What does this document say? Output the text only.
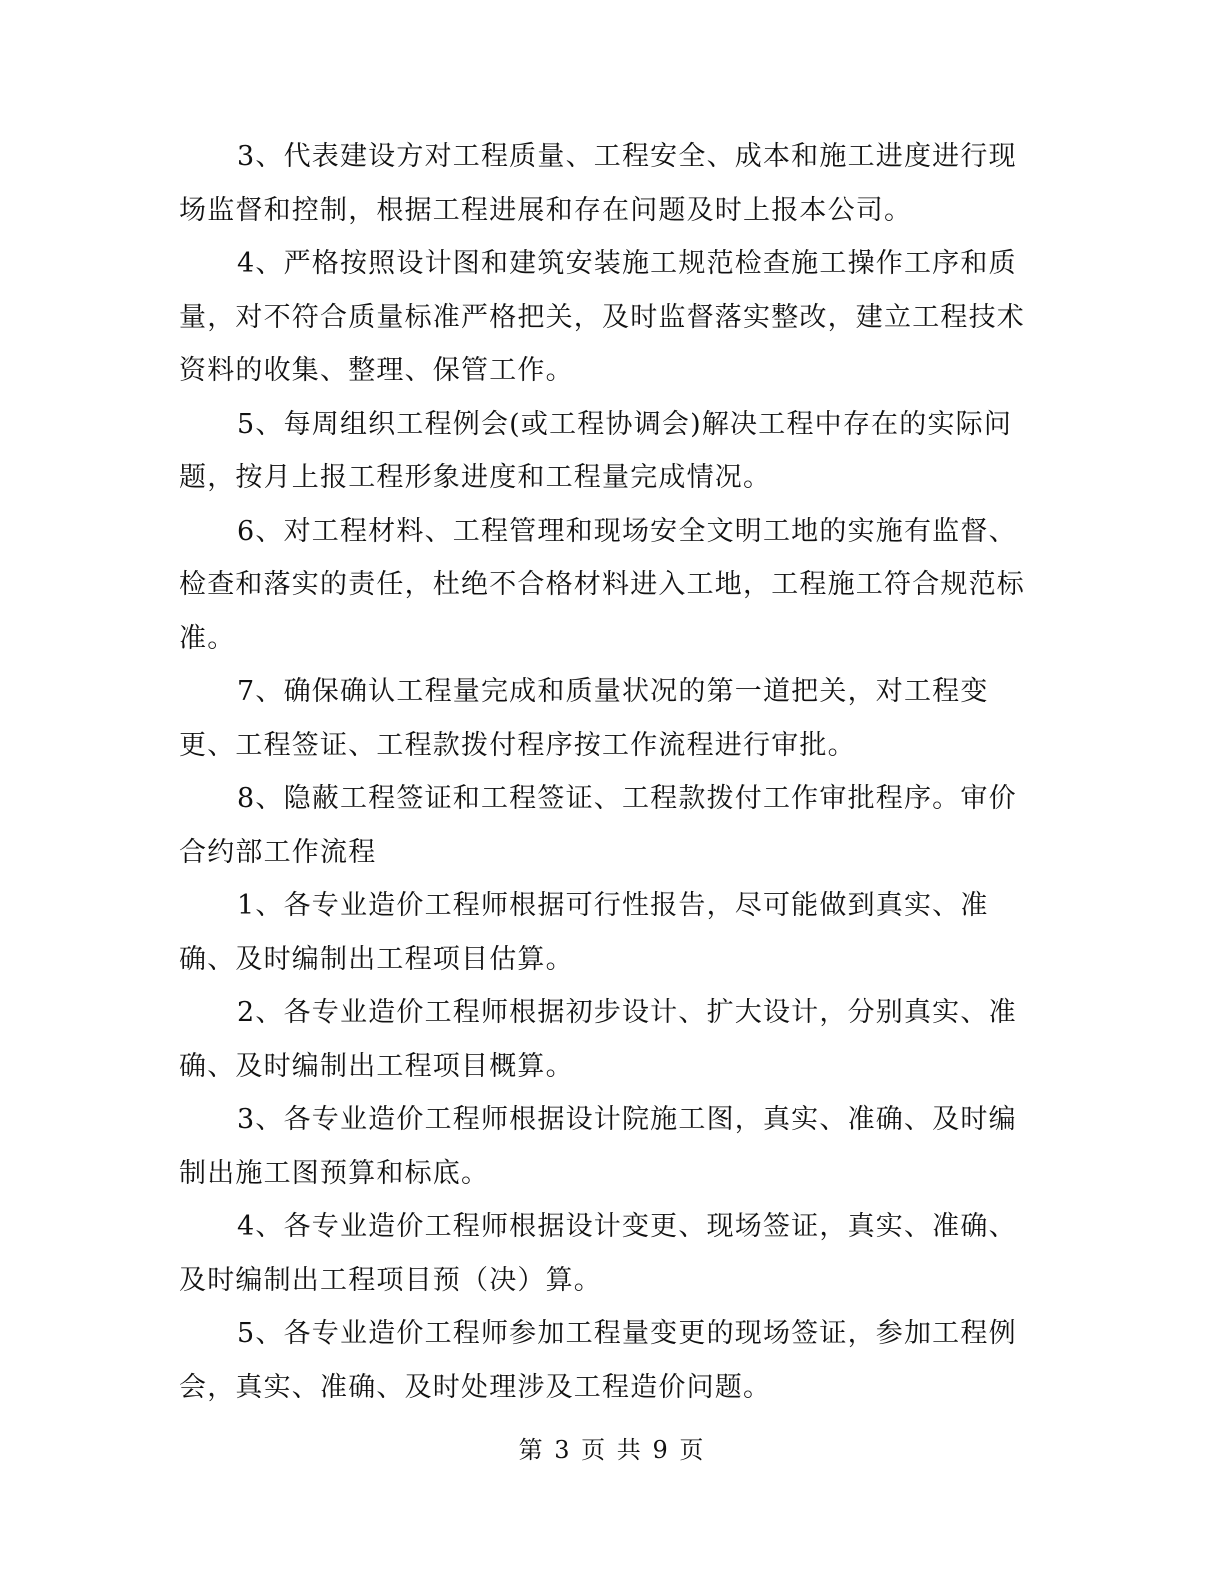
3、代表建设方对工程质量、工程安全、成本和施工进度进行现场监督和控制，根据工程进展和存在问题及时上报本公司。

4、严格按照设计图和建筑安装施工规范检查施工操作工序和质量，对不符合质量标准严格把关，及时监督落实整改，建立工程技术资料的收集、整理、保管工作。

5、每周组织工程例会(或工程协调会)解决工程中存在的实际问题，按月上报工程形象进度和工程量完成情况。

6、对工程材料、工程管理和现场安全文明工地的实施有监督、检查和落实的责任，杜绝不合格材料进入工地，工程施工符合规范标准。

7、确保确认工程量完成和质量状况的第一道把关，对工程变更、工程签证、工程款拨付程序按工作流程进行审批。

8、隐蔽工程签证和工程签证、工程款拨付工作审批程序。审价合约部工作流程

1、各专业造价工程师根据可行性报告，尽可能做到真实、准确、及时编制出工程项目估算。

2、各专业造价工程师根据初步设计、扩大设计，分别真实、准确、及时编制出工程项目概算。

3、各专业造价工程师根据设计院施工图，真实、准确、及时编制出施工图预算和标底。

4、各专业造价工程师根据设计变更、现场签证，真实、准确、及时编制出工程项目预（决）算。

5、各专业造价工程师参加工程量变更的现场签证，参加工程例会，真实、准确、及时处理涉及工程造价问题。

第 3 页 共 9 页
